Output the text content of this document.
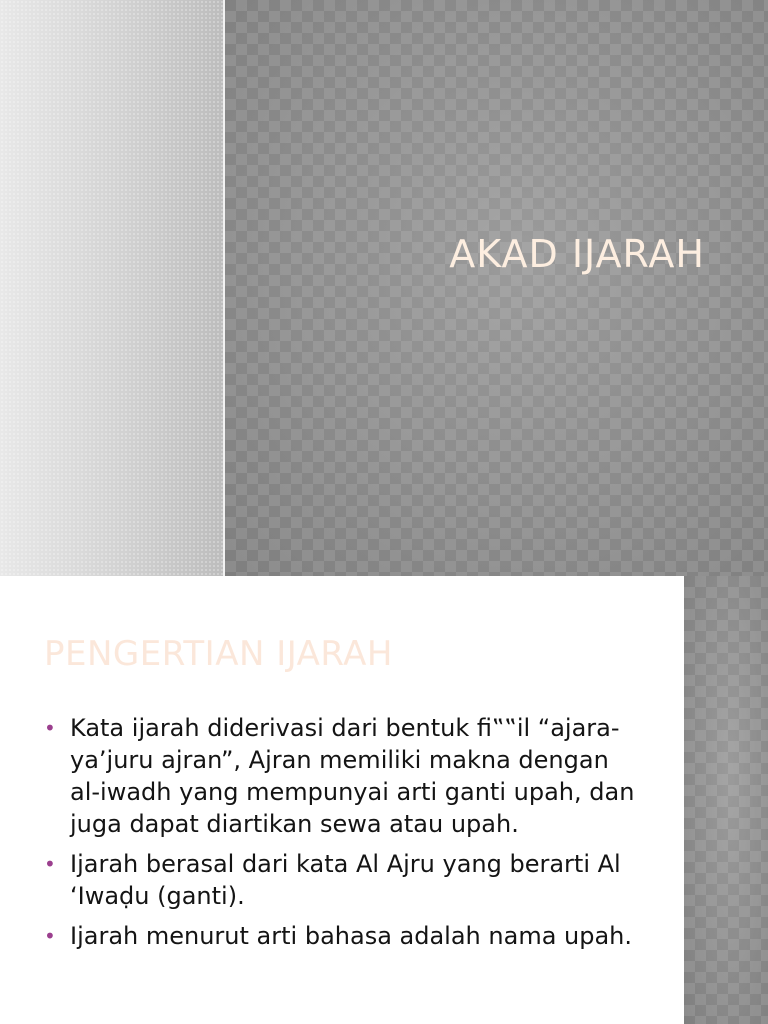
AKAD IJARAH
PENGERTIAN IJARAH
• Kata ijarah diderivasi dari bentuk fi‟‟il “ajara-ya’juru ajran”, Ajran memiliki makna dengan al-iwadh yang mempunyai arti ganti upah, dan juga dapat diartikan sewa atau upah.
• Ijarah berasal dari kata Al Ajru yang berarti Al ‘Iwaḍu (ganti).
• Ijarah menurut arti bahasa adalah nama upah.
